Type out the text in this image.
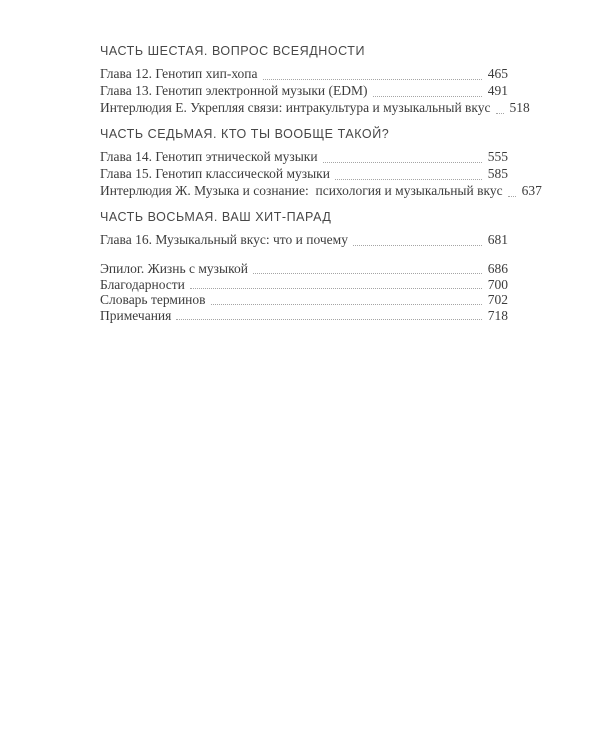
ЧАСТЬ ШЕСТАЯ. ВОПРОС ВСЕЯДНОСТИ
Глава 12. Генотип хип-хопа	465
Глава 13. Генотип электронной музыки (EDM)	491
Интерлюдия Е. Укрепляя связи: интракультура и музыкальный вкус 518
ЧАСТЬ СЕДЬМАЯ. КТО ТЫ ВООБЩЕ ТАКОЙ?
Глава 14. Генотип этнической музыки	555
Глава 15. Генотип классической музыки	585
Интерлюдия Ж. Музыка и сознание:  психология и музыкальный вкус 637
ЧАСТЬ ВОСЬМАЯ. ВАШ ХИТ-ПАРАД
Глава 16. Музыкальный вкус: что и почему	681
Эпилог. Жизнь с музыкой	686
Благодарности	700
Словарь терминов	702
Примечания	718
